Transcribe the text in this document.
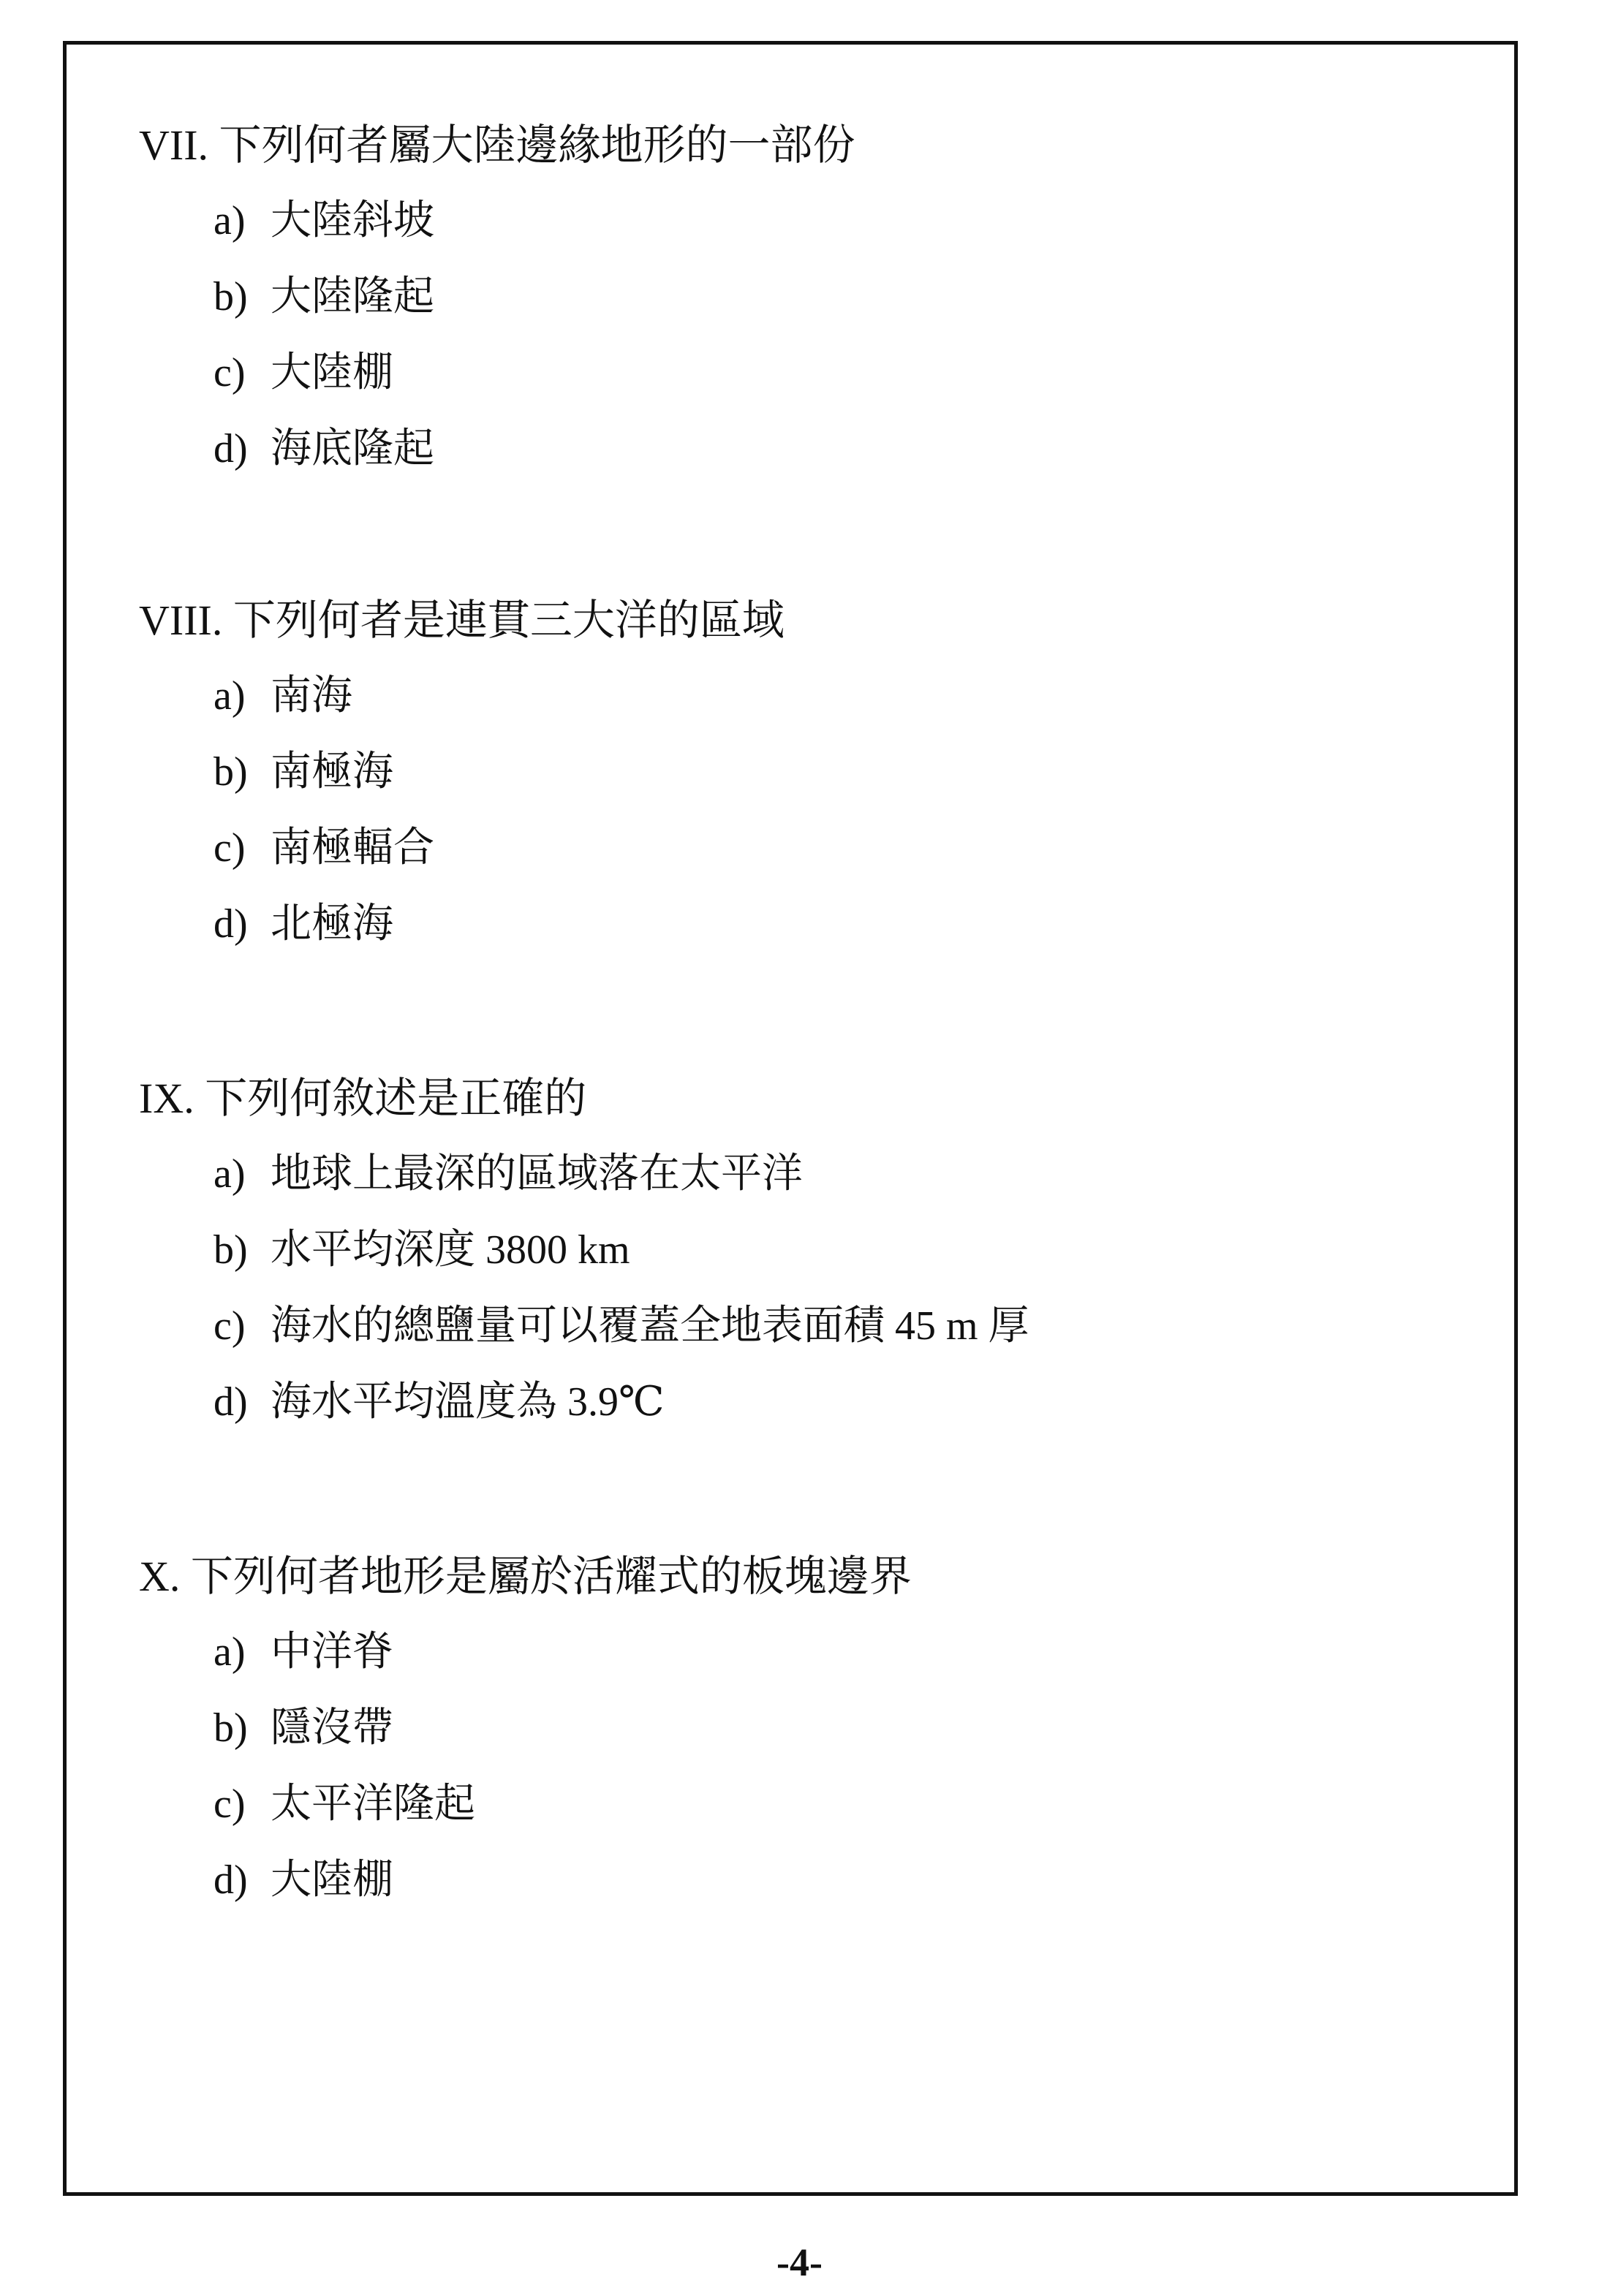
VII. 下列何者屬大陸邊緣地形的一部份
a) 大陸斜坡
b) 大陸隆起
c) 大陸棚
d) 海底隆起
VIII. 下列何者是連貫三大洋的區域
a) 南海
b) 南極海
c) 南極輻合
d) 北極海
IX. 下列何敘述是正確的
a) 地球上最深的區域落在太平洋
b) 水平均深度 3800 km
c) 海水的總鹽量可以覆蓋全地表面積 45 m 厚
d) 海水平均溫度為 3.9℃
X. 下列何者地形是屬於活耀式的板塊邊界
a) 中洋脊
b) 隱沒帶
c) 太平洋隆起
d) 大陸棚
-4-
